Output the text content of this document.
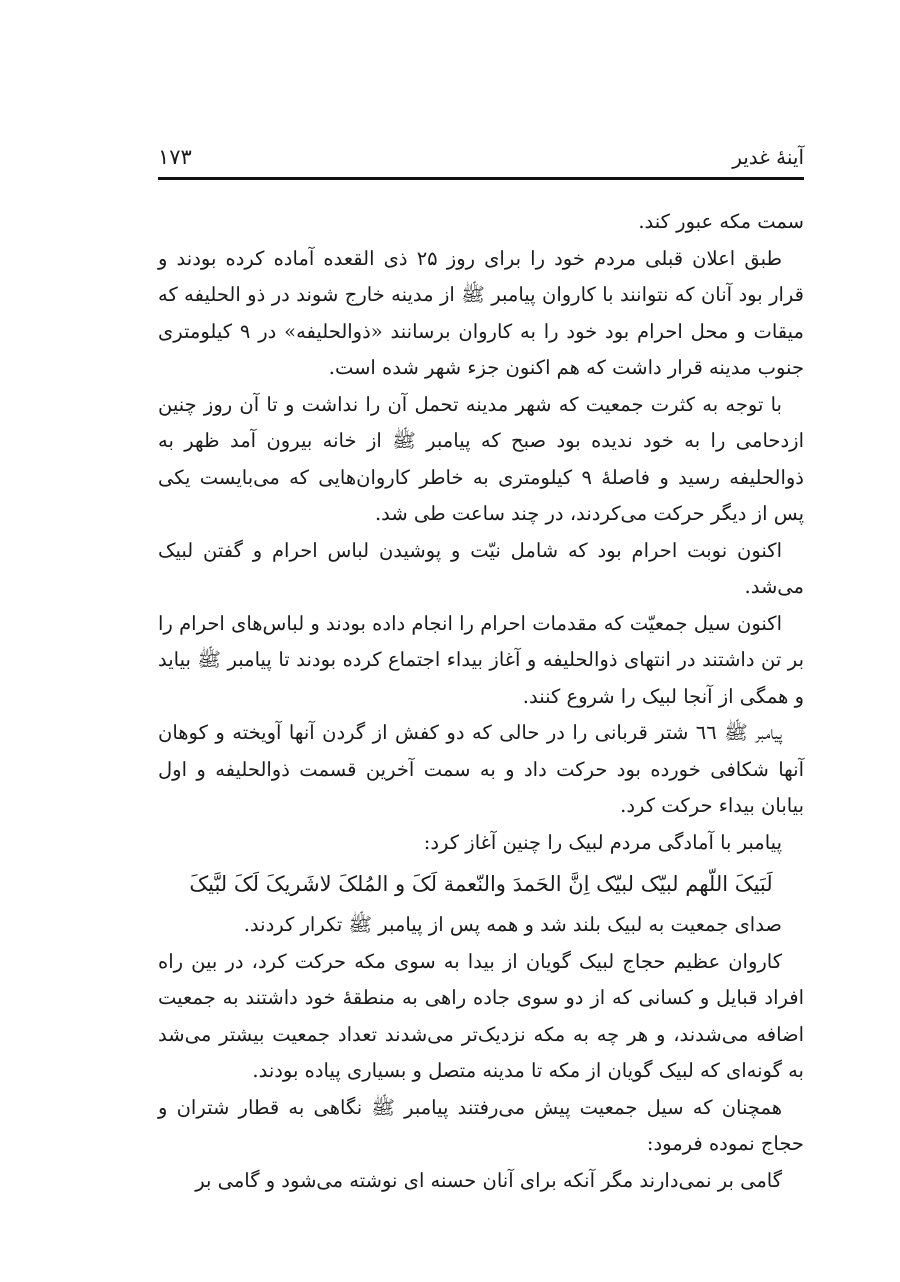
آینهٔ غدیر
۱۷۳

سمت مکه عبور کند.

طبق اعلان قبلی مردم خود را برای روز ۲۵ ذی القعده آماده کرده بودند و قرار بود آنان که نتوانند با کاروان پیامبر ﷺ از مدینه خارج شوند در ذو الحلیفه که میقات و محل احرام بود خود را به کاروان برسانند «ذوالحلیفه» در ۹ کیلومتری جنوب مدینه قرار داشت که هم اکنون جزء شهر شده است.

با توجه به کثرت جمعیت که شهر مدینه تحمل آن را نداشت و تا آن روز چنین ازدحامی را به خود ندیده بود صبح که پیامبر ﷺ از خانه بیرون آمد ظهر به ذوالحلیفه رسید و فاصلهٔ ۹ کیلومتری به خاطر کاروان‌هایی که می‌بایست یکی پس از دیگر حرکت می‌کردند، در چند ساعت طی شد.

اکنون نوبت احرام بود که شامل نیّت و پوشیدن لباس احرام و گفتن لبیک می‌شد.

اکنون سیل جمعیّت که مقدمات احرام را انجام داده بودند و لباس‌های احرام را بر تن داشتند در انتهای ذوالحلیفه و آغاز بیداء اجتماع کرده بودند تا پیامبر ﷺ بیاید و همگی از آنجا لبیک را شروع کنند.

پیامبر ﷺ ٦٦ شتر قربانی را در حالی که دو کفش از گردن آنها آویخته و کوهان آنها شکافی خورده بود حرکت داد و به سمت آخرین قسمت ذوالحلیفه و اول بیابان بیداء حرکت کرد.

پیامبر با آمادگی مردم لبیک را چنین آغاز کرد:

لَبَیکَ اللّهم لبیّک لبیّک اِنَّ الحَمدَ والنّعمة لَکَ و المُلکَ لاشَریکَ لَکَ لبَّیکَ

صدای جمعیت به لبیک بلند شد و همه پس از پیامبر ﷺ تکرار کردند.

کاروان عظیم حجاج لبیک گویان از بیدا به سوی مکه حرکت کرد، در بین راه افراد قبایل و کسانی که از دو سوی جاده راهی به منطقهٔ خود داشتند به جمعیت اضافه می‌شدند، و هر چه به مکه نزدیک‌تر می‌شدند تعداد جمعیت بیشتر می‌شد به گونه‌ای که لبیک گویان از مکه تا مدینه متصل و بسیاری پیاده بودند.

همچنان که سیل جمعیت پیش می‌رفتند پیامبر ﷺ نگاهی به قطار شتران و حجاج نموده فرمود:

گامی بر نمی‌دارند مگر آنکه برای آنان حسنه ای نوشته می‌شود و گامی بر
